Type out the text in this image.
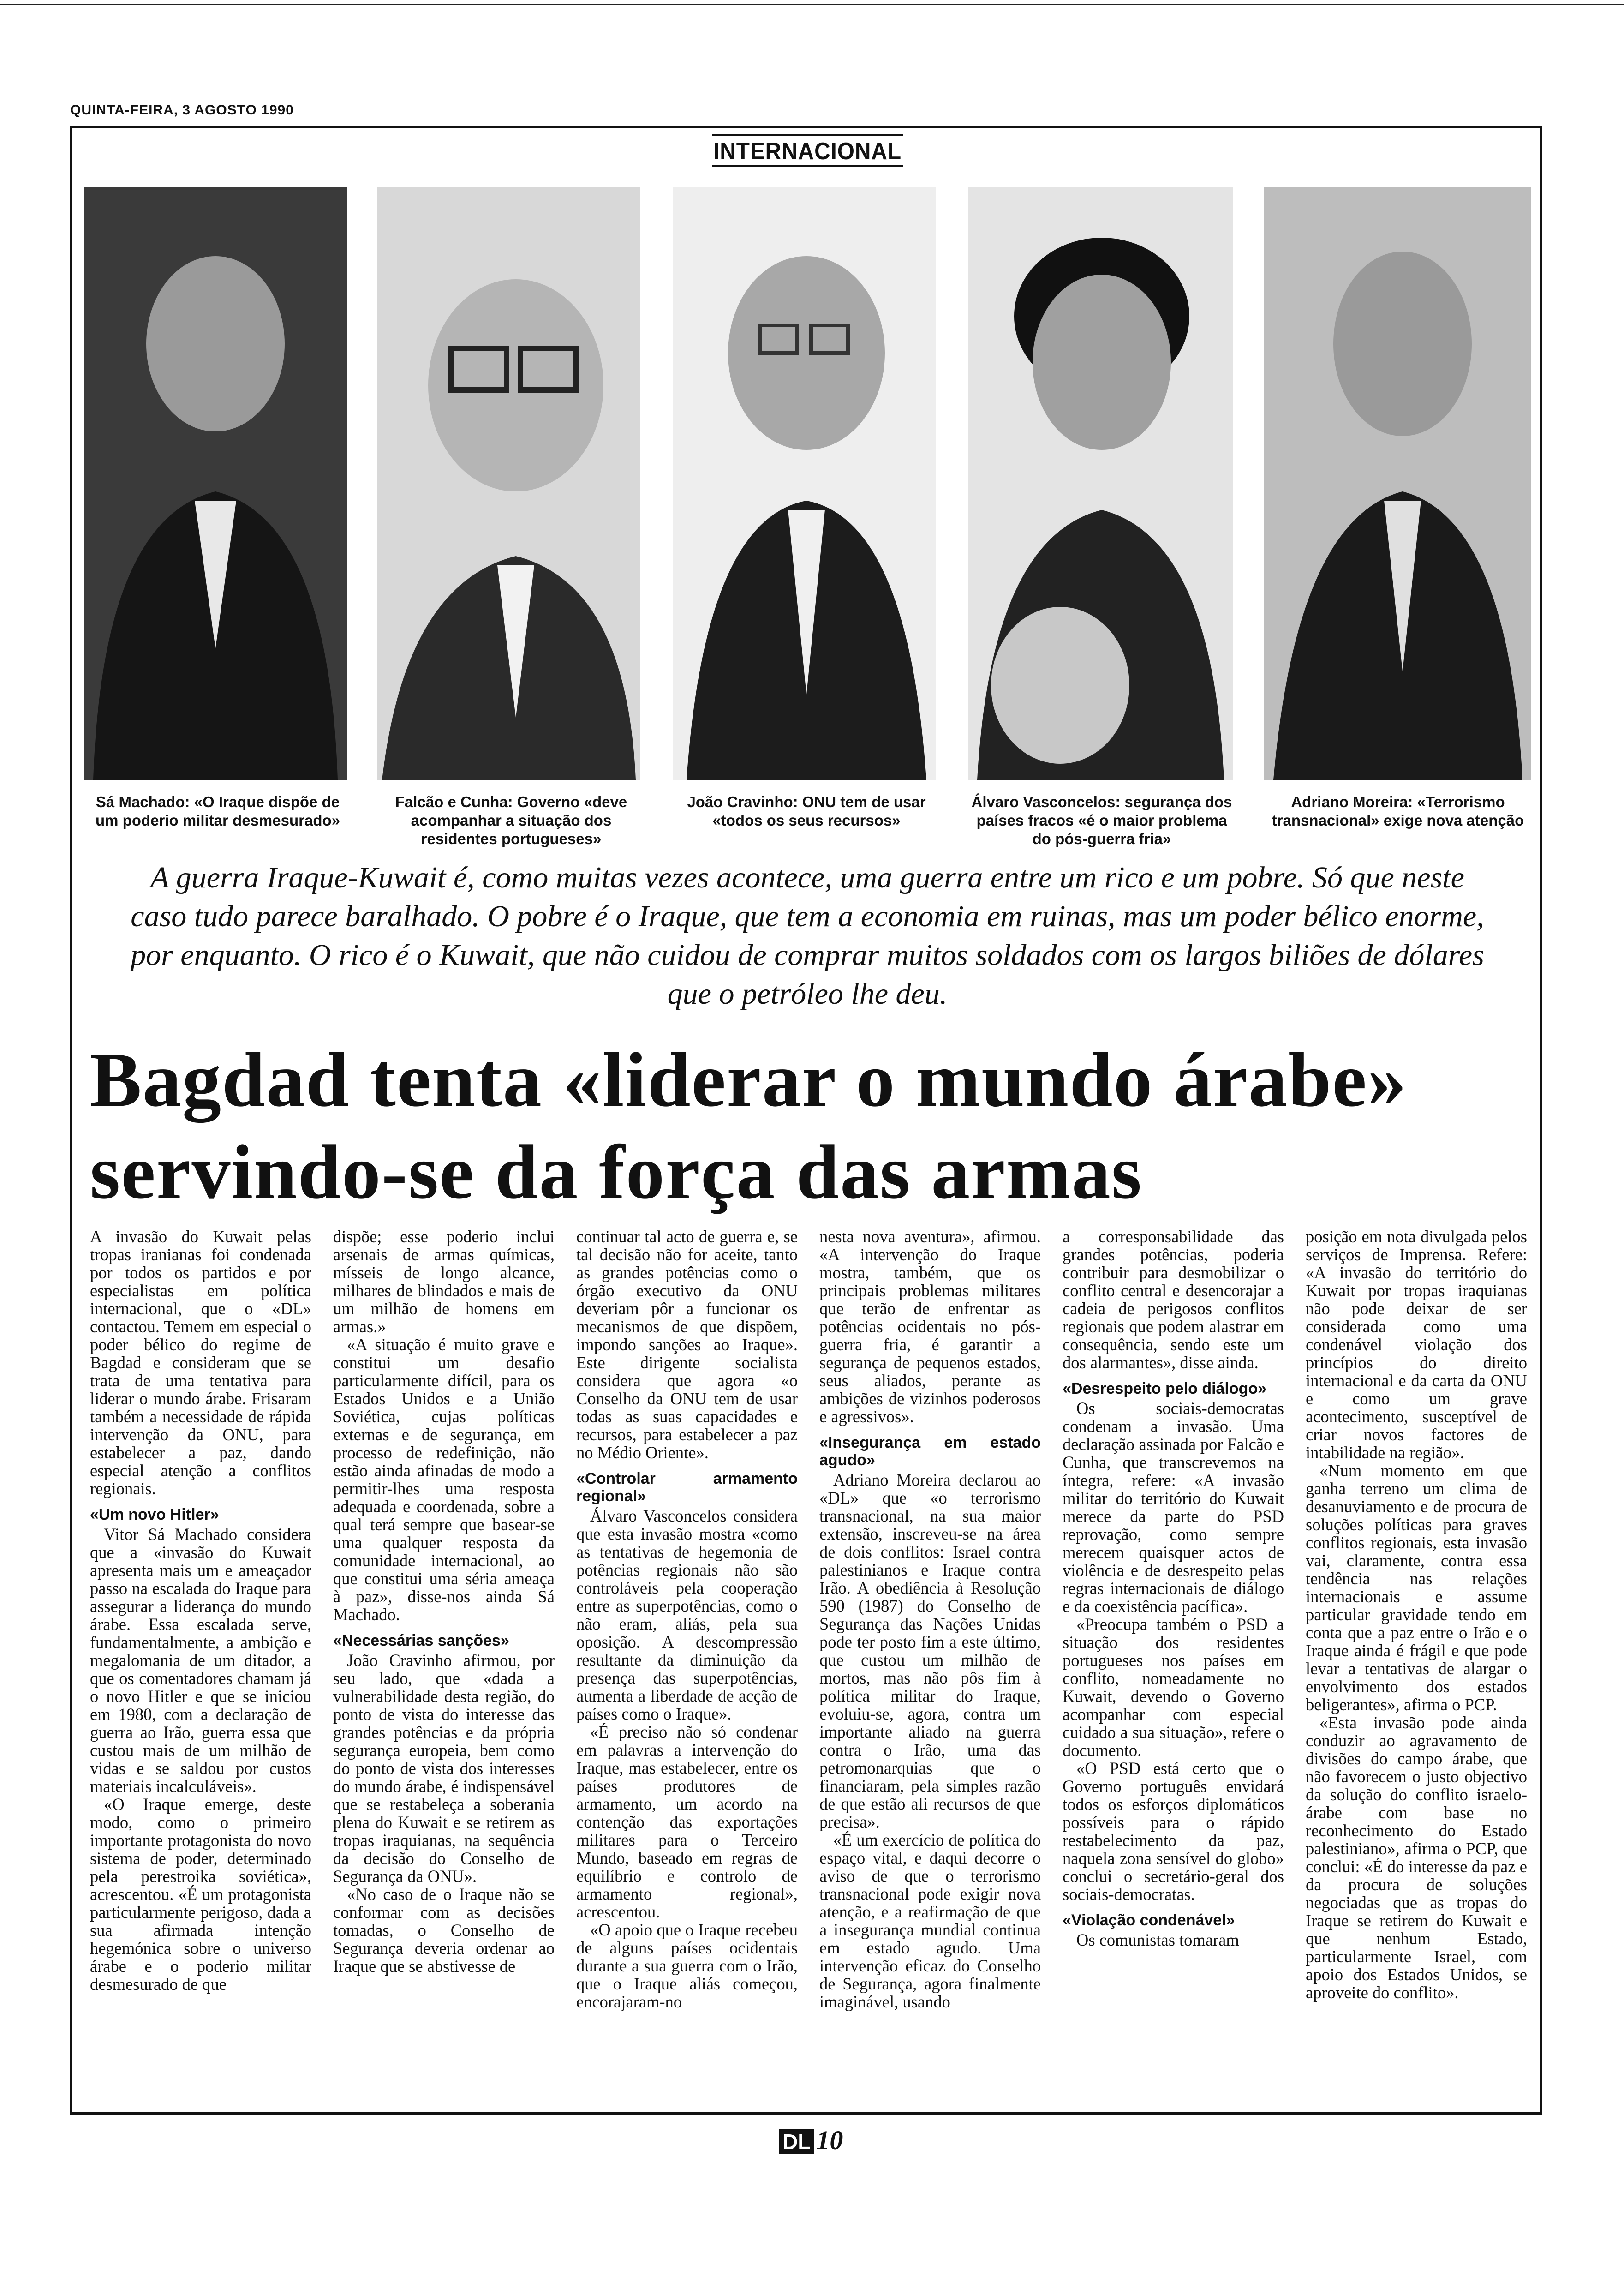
QUINTA-FEIRA, 3 AGOSTO 1990
INTERNACIONAL
Sá Machado: «O Iraque dispõe de um poderio militar desmesurado»
Falcão e Cunha: Governo «deve acompanhar a situação dos residentes portugueses»
João Cravinho: ONU tem de usar «todos os seus recursos»
Álvaro Vasconcelos: segurança dos países fracos «é o maior problema do pós-guerra fria»
Adriano Moreira: «Terrorismo transnacional» exige nova atenção
A guerra Iraque-Kuwait é, como muitas vezes acontece, uma guerra entre um rico e um pobre. Só que neste caso tudo parece baralhado. O pobre é o Iraque, que tem a economia em ruinas, mas um poder bélico enorme, por enquanto. O rico é o Kuwait, que não cuidou de comprar muitos soldados com os largos biliões de dólares que o petróleo lhe deu.
Bagdad tenta «liderar o mundo árabe»
servindo-se da força das armas

A invasão do Kuwait pelas tropas iranianas foi condenada por todos os partidos e por especialistas em política internacional, que o «DL» contactou. Temem em especial o poder bélico do regime de Bagdad e consideram que se trata de uma tentativa para liderar o mundo árabe. Frisaram também a necessidade de rápida intervenção da ONU, para estabelecer a paz, dando especial atenção a conflitos regionais.

«Um novo Hitler»

Vitor Sá Machado considera que a «invasão do Kuwait apresenta mais um e ameaçador passo na escalada do Iraque para assegurar a liderança do mundo árabe. Essa escalada serve, fundamentalmente, a ambição e megalomania de um ditador, a que os comentadores chamam já o novo Hitler e que se iniciou em 1980, com a declaração de guerra ao Irão, guerra essa que custou mais de um milhão de vidas e se saldou por custos materiais incalculáveis».

«O Iraque emerge, deste modo, como o primeiro importante protagonista do novo sistema de poder, determinado pela perestroika soviética», acrescentou. «É um protagonista particularmente perigoso, dada a sua afirmada intenção hegemónica sobre o universo árabe e o poderio militar desmesurado de que

dispõe; esse poderio inclui arsenais de armas químicas, mísseis de longo alcance, milhares de blindados e mais de um milhão de homens em armas.»

«A situação é muito grave e constitui um desafio particularmente difícil, para os Estados Unidos e a União Soviética, cujas políticas externas e de segurança, em processo de redefinição, não estão ainda afinadas de modo a permitir-lhes uma resposta adequada e coordenada, sobre a qual terá sempre que basear-se uma qualquer resposta da comunidade internacional, ao que constitui uma séria ameaça à paz», disse-nos ainda Sá Machado.

«Necessárias sanções»

João Cravinho afirmou, por seu lado, que «dada a vulnerabilidade desta região, do ponto de vista do interesse das grandes potências e da própria segurança europeia, bem como do ponto de vista dos interesses do mundo árabe, é indispensável que se restabeleça a soberania plena do Kuwait e se retirem as tropas iraquianas, na sequência da decisão do Conselho de Segurança da ONU».

«No caso de o Iraque não se conformar com as decisões tomadas, o Conselho de Segurança deveria ordenar ao Iraque que se abstivesse de

continuar tal acto de guerra e, se tal decisão não for aceite, tanto as grandes potências como o órgão executivo da ONU deveriam pôr a funcionar os mecanismos de que dispõem, impondo sanções ao Iraque». Este dirigente socialista considera que agora «o Conselho da ONU tem de usar todas as suas capacidades e recursos, para estabelecer a paz no Médio Oriente».

«Controlar armamento regional»

Álvaro Vasconcelos considera que esta invasão mostra «como as tentativas de hegemonia de potências regionais não são controláveis pela cooperação entre as superpotências, como o não eram, aliás, pela sua oposição. A descompressão resultante da diminuição da presença das superpotências, aumenta a liberdade de acção de países como o Iraque».

«É preciso não só condenar em palavras a intervenção do Iraque, mas estabelecer, entre os países produtores de armamento, um acordo na contenção das exportações militares para o Terceiro Mundo, baseado em regras de equilíbrio e controlo de armamento regional», acrescentou.

«O apoio que o Iraque recebeu de alguns países ocidentais durante a sua guerra com o Irão, que o Iraque aliás começou, encorajaram-no

nesta nova aventura», afirmou. «A intervenção do Iraque mostra, também, que os principais problemas militares que terão de enfrentar as potências ocidentais no pós-guerra fria, é garantir a segurança de pequenos estados, seus aliados, perante as ambições de vizinhos poderosos e agressivos».

«Insegurança em estado agudo»

Adriano Moreira declarou ao «DL» que «o terrorismo transnacional, na sua maior extensão, inscreveu-se na área de dois conflitos: Israel contra palestinianos e Iraque contra Irão. A obediência à Resolução 590 (1987) do Conselho de Segurança das Nações Unidas pode ter posto fim a este último, que custou um milhão de mortos, mas não pôs fim à política militar do Iraque, evoluiu-se, agora, contra um importante aliado na guerra contra o Irão, uma das petromonarquias que o financiaram, pela simples razão de que estão ali recursos de que precisa».

«É um exercício de política do espaço vital, e daqui decorre o aviso de que o terrorismo transnacional pode exigir nova atenção, e a reafirmação de que a insegurança mundial continua em estado agudo. Uma intervenção eficaz do Conselho de Segurança, agora finalmente imaginável, usando

a corresponsabilidade das grandes potências, poderia contribuir para desmobilizar o conflito central e desencorajar a cadeia de perigosos conflitos regionais que podem alastrar em consequência, sendo este um dos alarmantes», disse ainda.

«Desrespeito pelo diálogo»

Os sociais-democratas condenam a invasão. Uma declaração assinada por Falcão e Cunha, que transcrevemos na íntegra, refere: «A invasão militar do território do Kuwait merece da parte do PSD reprovação, como sempre merecem quaisquer actos de violência e de desrespeito pelas regras internacionais de diálogo e da coexistência pacífica».

«Preocupa também o PSD a situação dos residentes portugueses nos países em conflito, nomeadamente no Kuwait, devendo o Governo acompanhar com especial cuidado a sua situação», refere o documento.

«O PSD está certo que o Governo português envidará todos os esforços diplomáticos possíveis para o rápido restabelecimento da paz, naquela zona sensível do globo» conclui o secretário-geral dos sociais-democratas.

«Violação condenável»

Os comunistas tomaram

posição em nota divulgada pelos serviços de Imprensa. Refere: «A invasão do território do Kuwait por tropas iraquianas não pode deixar de ser considerada como uma condenável violação dos princípios do direito internacional e da carta da ONU e como um grave acontecimento, susceptível de criar novos factores de intabilidade na região».

«Num momento em que ganha terreno um clima de desanuviamento e de procura de soluções políticas para graves conflitos regionais, esta invasão vai, claramente, contra essa tendência nas relações internacionais e assume particular gravidade tendo em conta que a paz entre o Irão e o Iraque ainda é frágil e que pode levar a tentativas de alargar o envolvimento dos estados beligerantes», afirma o PCP.

«Esta invasão pode ainda conduzir ao agravamento de divisões do campo árabe, que não favorecem o justo objectivo da solução do conflito israelo-árabe com base no reconhecimento do Estado palestiniano», afirma o PCP, que conclui: «É do interesse da paz e da procura de soluções negociadas que as tropas do Iraque se retirem do Kuwait e que nenhum Estado, particularmente Israel, com apoio dos Estados Unidos, se aproveite do conflito».

DL 10
